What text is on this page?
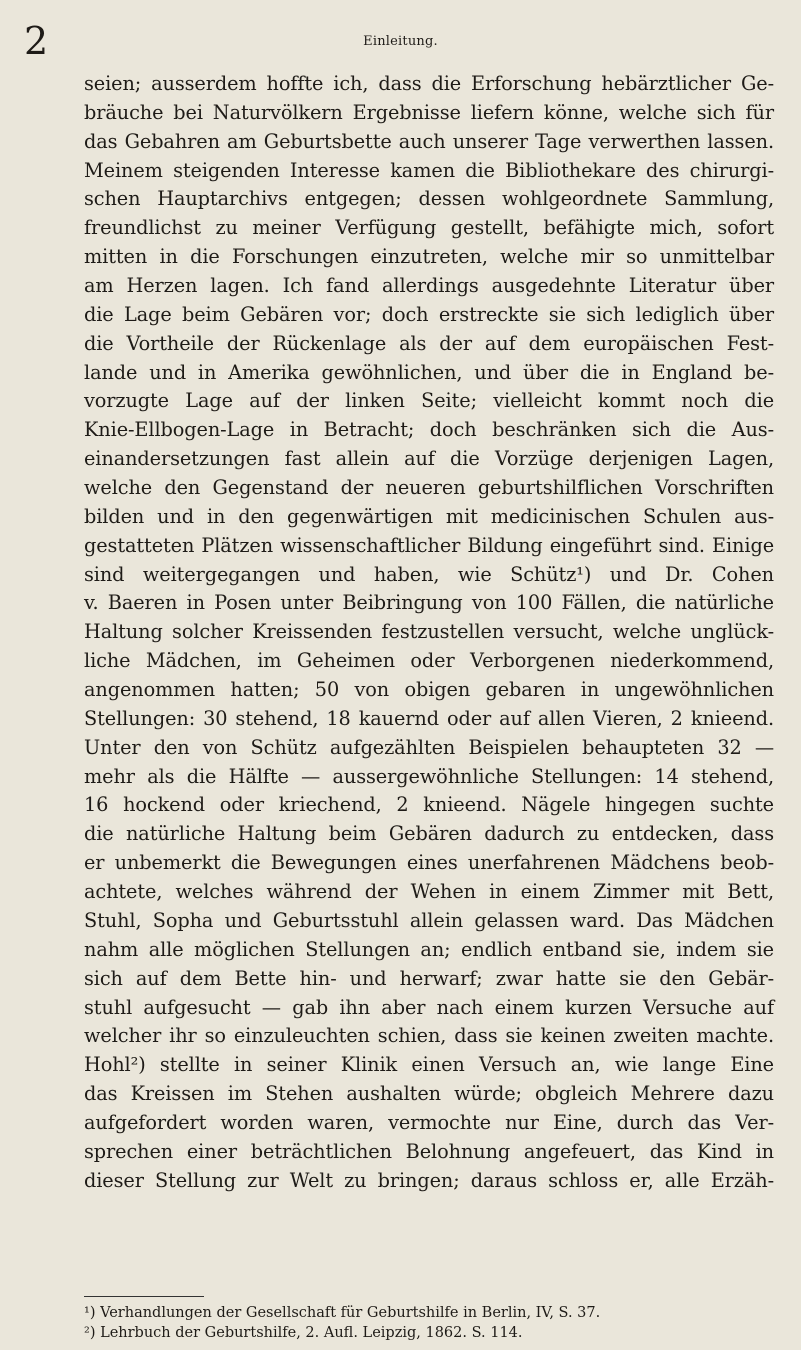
2	Einleitung.
seien; ausserdem hoffte ich, dass die Erforschung hebärztlicher Ge-
bräuche bei Naturvölkern Ergebnisse liefern könne, welche sich für
das Gebahren am Geburtsbette auch unserer Tage verwerthen lassen.
Meinem steigenden Interesse kamen die Bibliothekare des chirurgi-
schen Hauptarchivs entgegen; dessen wohlgeordnete Sammlung,
freundlichst zu meiner Verfügung gestellt, befähigte mich, sofort
mitten in die Forschungen einzutreten, welche mir so unmittelbar
am Herzen lagen. Ich fand allerdings ausgedehnte Literatur über
die Lage beim Gebären vor; doch erstreckte sie sich lediglich über
die Vortheile der Rückenlage als der auf dem europäischen Fest-
lande und in Amerika gewöhnlichen, und über die in England be-
vorzugte Lage auf der linken Seite; vielleicht kommt noch die
Knie-Ellbogen-Lage in Betracht; doch beschränken sich die Aus-
einandersetzungen fast allein auf die Vorzüge derjenigen Lagen,
welche den Gegenstand der neueren geburtshilflichen Vorschriften
bilden und in den gegenwärtigen mit medicinischen Schulen aus-
gestatteten Plätzen wissenschaftlicher Bildung eingeführt sind. Einige
sind weitergegangen und haben, wie Schütz¹) und Dr. Cohen
v. Baeren in Posen unter Beibringung von 100 Fällen, die natürliche
Haltung solcher Kreissenden festzustellen versucht, welche unglück-
liche Mädchen, im Geheimen oder Verborgenen niederkommend,
angenommen hatten; 50 von obigen gebaren in ungewöhnlichen
Stellungen: 30 stehend, 18 kauernd oder auf allen Vieren, 2 knieend.
Unter den von Schütz aufgezählten Beispielen behaupteten 32 —
mehr als die Hälfte — aussergewöhnliche Stellungen: 14 stehend,
16 hockend oder kriechend, 2 knieend. Nägele hingegen suchte
die natürliche Haltung beim Gebären dadurch zu entdecken, dass
er unbemerkt die Bewegungen eines unerfahrenen Mädchens beob-
achtete, welches während der Wehen in einem Zimmer mit Bett,
Stuhl, Sopha und Geburtsstuhl allein gelassen ward. Das Mädchen
nahm alle möglichen Stellungen an; endlich entband sie, indem sie
sich auf dem Bette hin- und herwarf; zwar hatte sie den Gebär-
stuhl aufgesucht — gab ihn aber nach einem kurzen Versuche auf
welcher ihr so einzuleuchten schien, dass sie keinen zweiten machte.
Hohl²) stellte in seiner Klinik einen Versuch an, wie lange Eine
das Kreissen im Stehen aushalten würde; obgleich Mehrere dazu
aufgefordert worden waren, vermochte nur Eine, durch das Ver-
sprechen einer beträchtlichen Belohnung angefeuert, das Kind in
dieser Stellung zur Welt zu bringen; daraus schloss er, alle Erzäh-
¹) Verhandlungen der Gesellschaft für Geburtshilfe in Berlin, IV, S. 37.
²) Lehrbuch der Geburtshilfe, 2. Aufl. Leipzig, 1862. S. 114.
